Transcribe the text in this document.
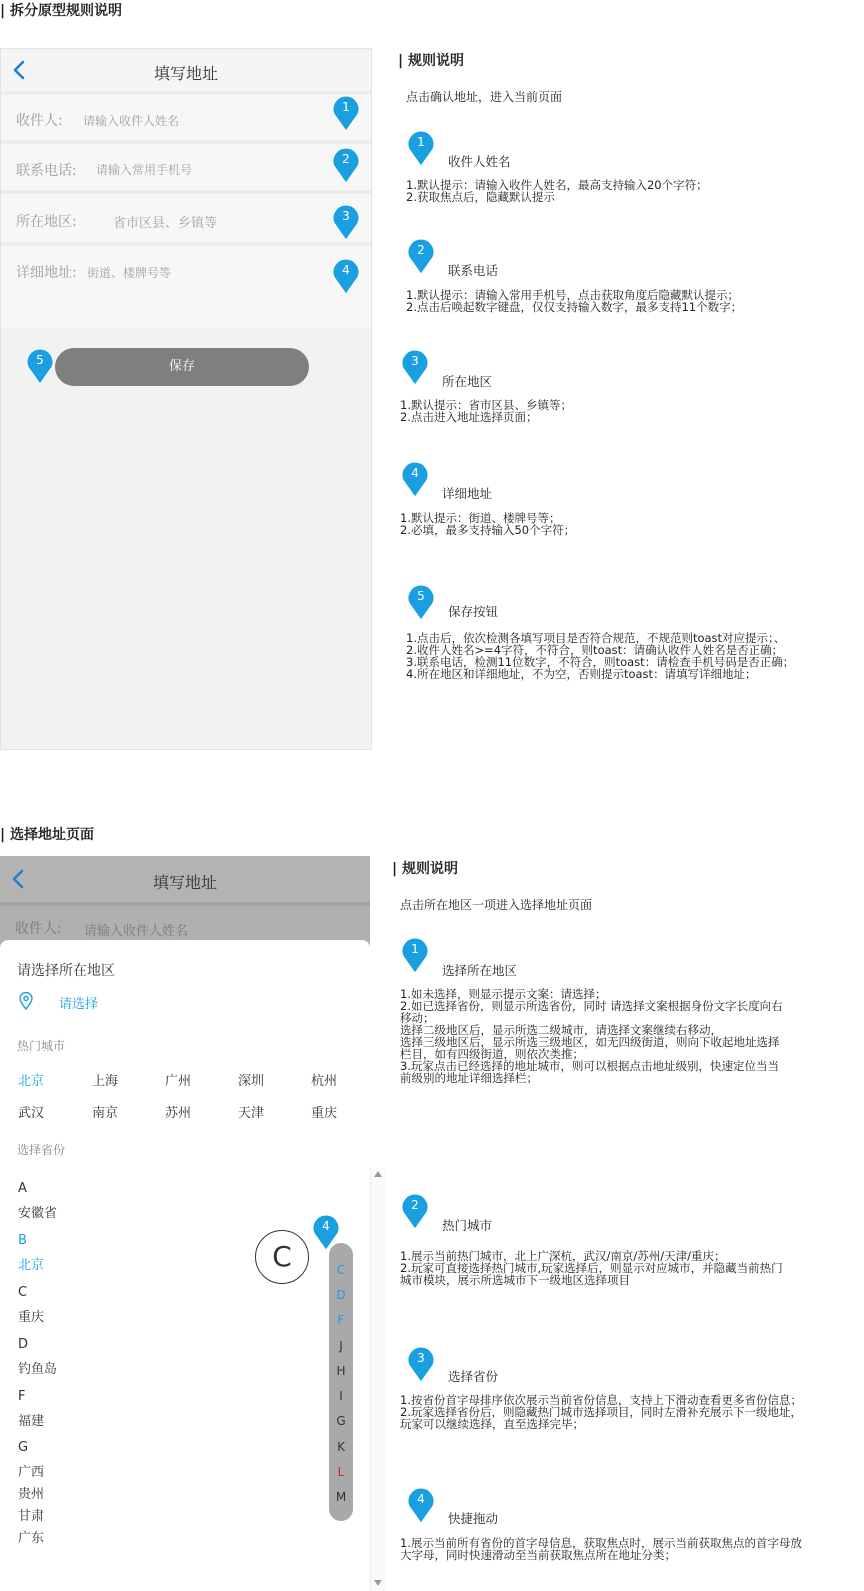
| 拆分原型规则说明
填写地址
收件人: 请输入收件人姓名
联系电话: 请输入常用手机号
所在地区:	省市区县、乡镇等
详细地址: 街道、楼牌号等
保存
1
2
3
4
5
| 规则说明
点击确认地址，进入当前页面
1
收件人姓名
1.默认提示：请输入收件人姓名，最高支持输入20个字符；
2.获取焦点后，隐藏默认提示
2
联系电话
1.默认提示：请输入常用手机号，点击获取角度后隐藏默认提示；
2.点击后唤起数字键盘，仅仅支持输入数字，最多支持11个数字；
3
所在地区
1.默认提示：省市区县、乡镇等；
2.点击进入地址选择页面；
4
详细地址
1.默认提示：街道、楼牌号等；
2.必填，最多支持输入50个字符；
5
保存按钮
1.点击后，依次检测各填写项目是否符合规范，不规范则toast对应提示；、
2.收件人姓名>=4字符，不符合，则toast：请确认收件人姓名是否正确；
3.联系电话，检测11位数字，不符合，则toast：请检查手机号码是否正确；
4.所在地区和详细地址，不为空，否则提示toast：请填写详细地址；
| 选择地址页面
填写地址
收件人: 请输入收件人姓名
请选择所在地区
请选择
热门城市
北京	上海	广州	深圳	杭州
武汉	南京	苏州	天津	重庆
选择省份
A
安徽省
B
北京
C
重庆
D
钓鱼岛
F
福建
G
广西
贵州
甘肃
广东
C	C
D
F
J
H
I
G
K
L
M
4
| 规则说明
点击所在地区一项进入选择地址页面
1
选择所在地区
1.如未选择，则显示提示文案：请选择；
2.如已选择省份，则显示所选省份，同时 请选择文案根据身份文字长度向右
移动；
选择二级地区后，显示所选二级城市，请选择文案继续右移动，
选择三级地区后，显示所选三级地区，如无四级街道，则向下收起地址选择
栏目，如有四级街道，则依次类推；
3.玩家点击已经选择的地址城市，则可以根据点击地址级别，快速定位当当
前级别的地址详细选择栏；
2
热门城市
1.展示当前热门城市，北上广深杭，武汉/南京/苏州/天津/重庆；
2.玩家可直接选择热门城市,玩家选择后，则显示对应城市，并隐藏当前热门
城市模块，展示所选城市下一级地区选择项目
3
选择省份
1.按省份首字母排序依次展示当前省份信息，支持上下滑动查看更多省份信息；
2.玩家选择省份后，则隐藏热门城市选择项目，同时左滑补充展示下一级地址，
玩家可以继续选择，直至选择完毕；
4
快捷拖动
1.展示当前所有省份的首字母信息，获取焦点时，展示当前获取焦点的首字母放
大字母，同时快速滑动至当前获取焦点所在地址分类；
